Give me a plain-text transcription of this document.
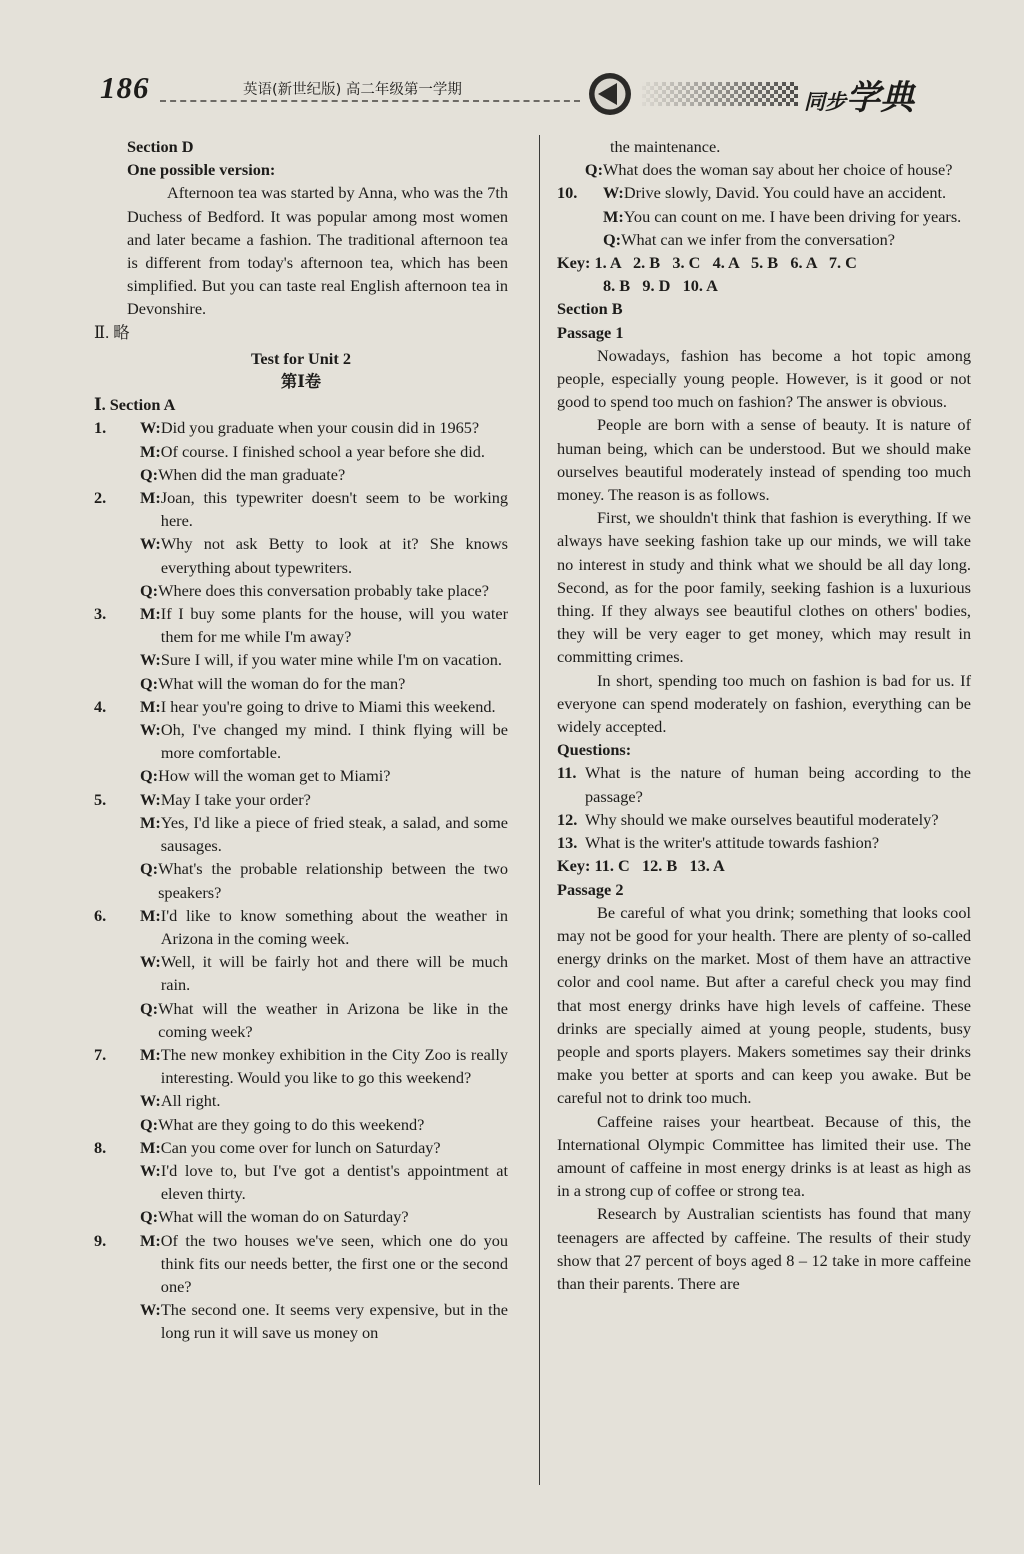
186	英语(新世纪版) 高二年级第一学期	同步学典

Section D

One possible version:

Afternoon tea was started by Anna, who was the 7th Duchess of Bedford. It was popular among most women and later became a fashion. The traditional afternoon tea is different from today's afternoon tea, which has been simplified. But you can taste real English afternoon tea in Devonshire.

Ⅱ. 略

Test for Unit 2

第Ⅰ卷

Ⅰ. Section A

1. W: Did you graduate when your cousin did in 1965?
M: Of course. I finished school a year before she did.
Q: When did the man graduate?
2. M: Joan, this typewriter doesn't seem to be working here.
W: Why not ask Betty to look at it? She knows everything about typewriters.
Q: Where does this conversation probably take place?
3. M: If I buy some plants for the house, will you water them for me while I'm away?
W: Sure I will, if you water mine while I'm on vacation.
Q: What will the woman do for the man?
4. M: I hear you're going to drive to Miami this weekend.
W: Oh, I've changed my mind. I think flying will be more comfortable.
Q: How will the woman get to Miami?
5. W: May I take your order?
M: Yes, I'd like a piece of fried steak, a salad, and some sausages.
Q: What's the probable relationship between the two speakers?
6. M: I'd like to know something about the weather in Arizona in the coming week.
W: Well, it will be fairly hot and there will be much rain.
Q: What will the weather in Arizona be like in the coming week?
7. M: The new monkey exhibition in the City Zoo is really interesting. Would you like to go this weekend?
W: All right.
Q: What are they going to do this weekend?
8. M: Can you come over for lunch on Saturday?
W: I'd love to, but I've got a dentist's appointment at eleven thirty.
Q: What will the woman do on Saturday?
9. M: Of the two houses we've seen, which one do you think fits our needs better, the first one or the second one?
W: The second one. It seems very expensive, but in the long run it will save us money on

the maintenance.

Q: What does the woman say about her choice of house?
10. W: Drive slowly, David. You could have an accident.
M: You can count on me. I have been driving for years.
Q: What can we infer from the conversation?

Key: 1. A   2. B   3. C   4. A   5. B   6. A   7. C

8. B   9. D   10. A

Section B

Passage 1

Nowadays, fashion has become a hot topic among people, especially young people. However, is it good or not good to spend too much on fashion? The answer is obvious.

People are born with a sense of beauty. It is nature of human being, which can be understood. But we should make ourselves beautiful moderately instead of spending too much money. The reason is as follows.

First, we shouldn't think that fashion is everything. If we always have seeking fashion take up our minds, we will take no interest in study and think what we should be all day long. Second, as for the poor family, seeking fashion is a luxurious thing. If they always see beautiful clothes on others' bodies, they will be very eager to get money, which may result in committing crimes.

In short, spending too much on fashion is bad for us. If everyone can spend moderately on fashion, everything can be widely accepted.

Questions:

11. What is the nature of human being according to the passage?
12. Why should we make ourselves beautiful moderately?
13. What is the writer's attitude towards fashion?

Key: 11. C   12. B   13. A

Passage 2

Be careful of what you drink; something that looks cool may not be good for your health. There are plenty of so-called energy drinks on the market. Most of them have an attractive color and cool name. But after a careful check you may find that most energy drinks have high levels of caffeine. These drinks are specially aimed at young people, students, busy people and sports players. Makers sometimes say their drinks make you better at sports and can keep you awake. But be careful not to drink too much.

Caffeine raises your heartbeat. Because of this, the International Olympic Committee has limited their use. The amount of caffeine in most energy drinks is at least as high as in a strong cup of coffee or strong tea.

Research by Australian scientists has found that many teenagers are affected by caffeine. The results of their study show that 27 percent of boys aged 8 – 12 take in more caffeine than their parents. There are
